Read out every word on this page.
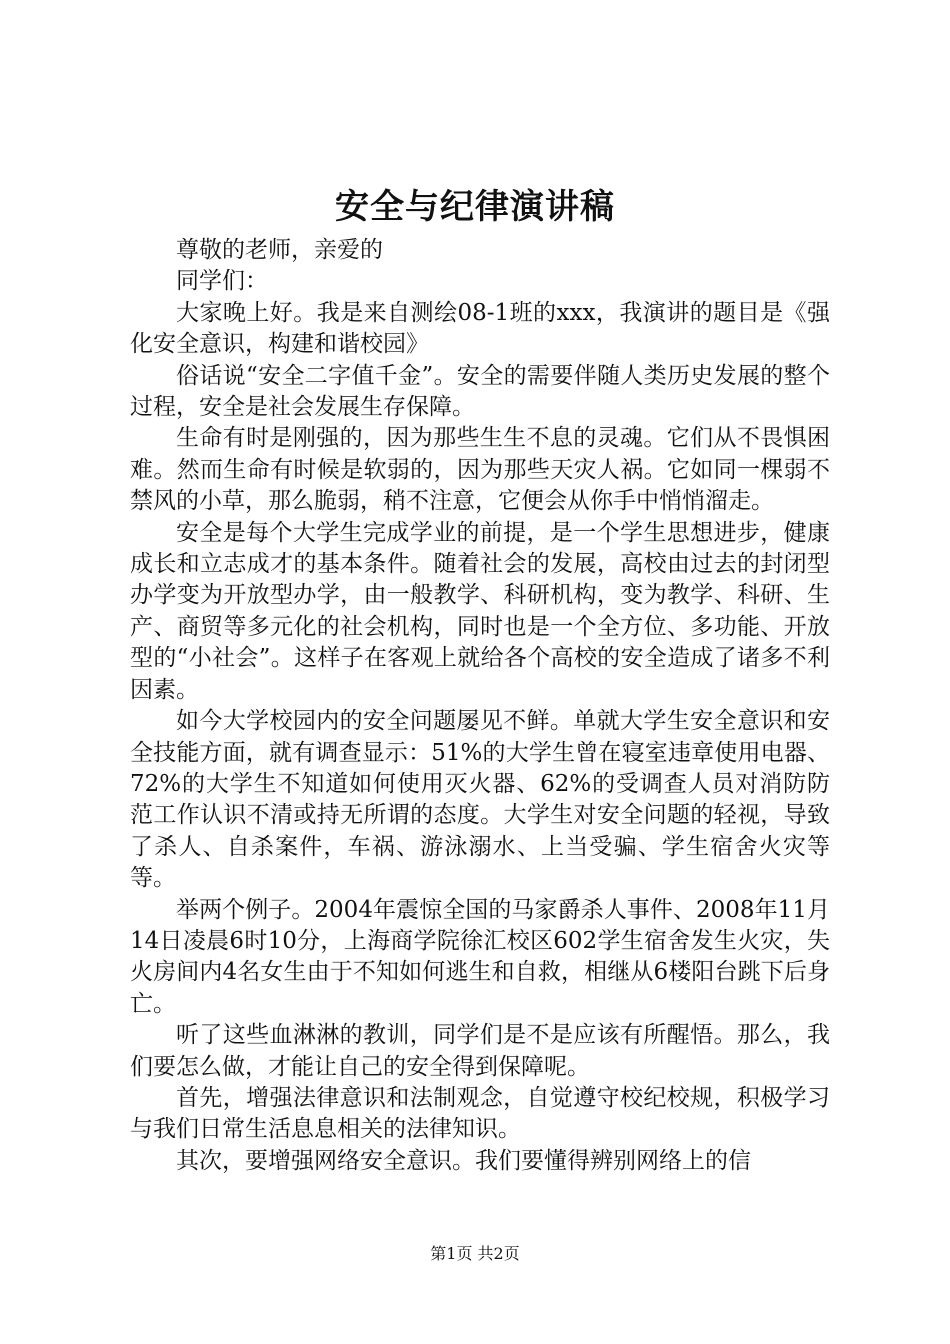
安全与纪律演讲稿

尊敬的老师，亲爱的

同学们：

大家晚上好。我是来自测绘08-1班的xxx，我演讲的题目是《强化安全意识，构建和谐校园》

俗话说“安全二字值千金”。安全的需要伴随人类历史发展的整个过程，安全是社会发展生存保障。

生命有时是刚强的，因为那些生生不息的灵魂。它们从不畏惧困难。然而生命有时候是软弱的，因为那些天灾人祸。它如同一棵弱不禁风的小草，那么脆弱，稍不注意，它便会从你手中悄悄溜走。

安全是每个大学生完成学业的前提，是一个学生思想进步，健康成长和立志成才的基本条件。随着社会的发展，高校由过去的封闭型办学变为开放型办学，由一般教学、科研机构，变为教学、科研、生产、商贸等多元化的社会机构，同时也是一个全方位、多功能、开放型的“小社会”。这样子在客观上就给各个高校的安全造成了诸多不利因素。

如今大学校园内的安全问题屡见不鲜。单就大学生安全意识和安全技能方面，就有调查显示：51%的大学生曾在寝室违章使用电器、72%的大学生不知道如何使用灭火器、62%的受调查人员对消防防范工作认识不清或持无所谓的态度。大学生对安全问题的轻视，导致了杀人、自杀案件，车祸、游泳溺水、上当受骗、学生宿舍火灾等等。

举两个例子。2004年震惊全国的马家爵杀人事件、2008年11月14日凌晨6时10分，上海商学院徐汇校区602学生宿舍发生火灾，失火房间内4名女生由于不知如何逃生和自救，相继从6楼阳台跳下后身亡。

听了这些血淋淋的教训，同学们是不是应该有所醒悟。那么，我们要怎么做，才能让自己的安全得到保障呢。

首先，增强法律意识和法制观念，自觉遵守校纪校规，积极学习与我们日常生活息息相关的法律知识。

其次，要增强网络安全意识。我们要懂得辨别网络上的信

第1页 共2页
